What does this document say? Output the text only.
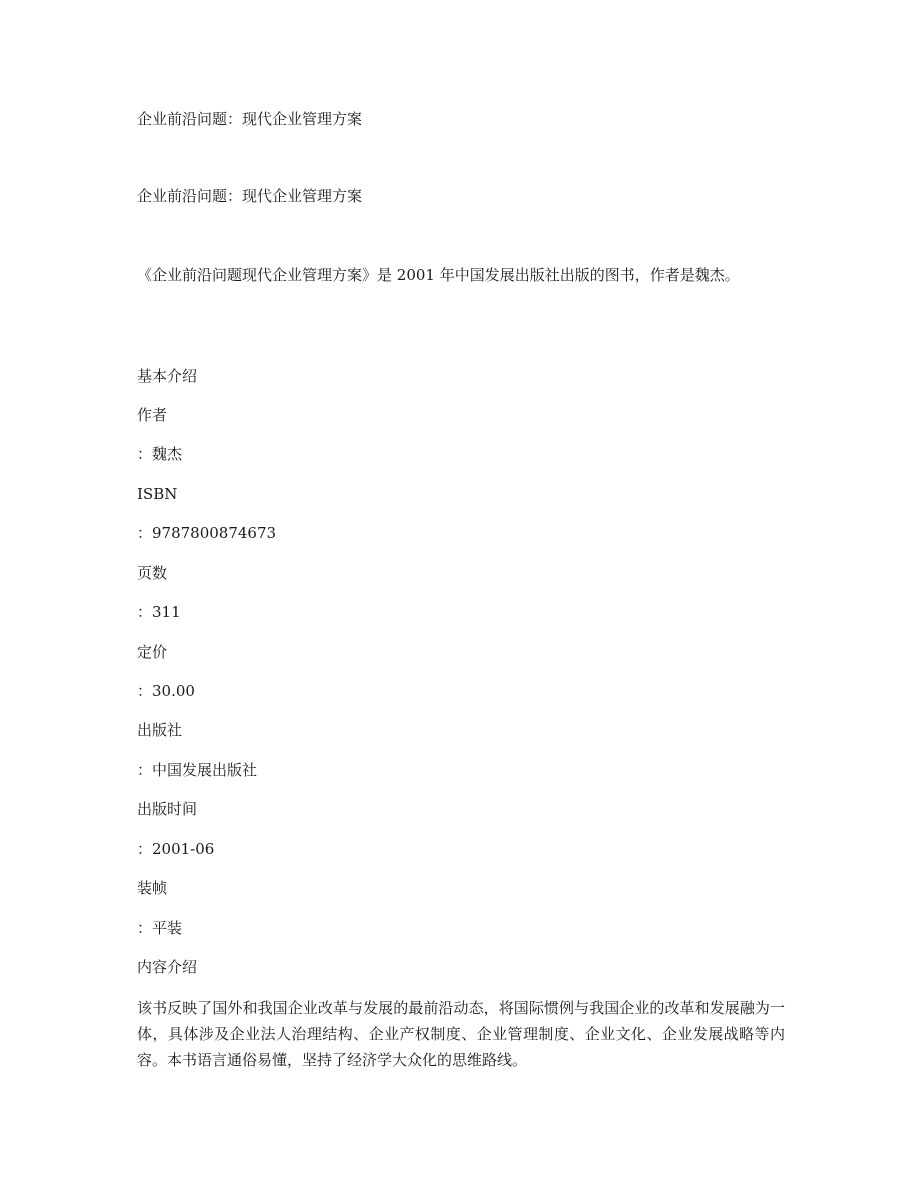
企业前沿问题：现代企业管理方案
企业前沿问题：现代企业管理方案
《企业前沿问题现代企业管理方案》是 2001 年中国发展出版社出版的图书，作者是魏杰。
基本介绍
作者
：魏杰
ISBN
：9787800874673
页数
：311
定价
：30.00
出版社
：中国发展出版社
出版时间
：2001-06
装帧
：平装
内容介绍
该书反映了国外和我国企业改革与发展的最前沿动态，将国际惯例与我国企业的改革和发展融为一体，具体涉及企业法人治理结构、企业产权制度、企业管理制度、企业文化、企业发展战略等内容。本书语言通俗易懂，坚持了经济学大众化的思维路线。
